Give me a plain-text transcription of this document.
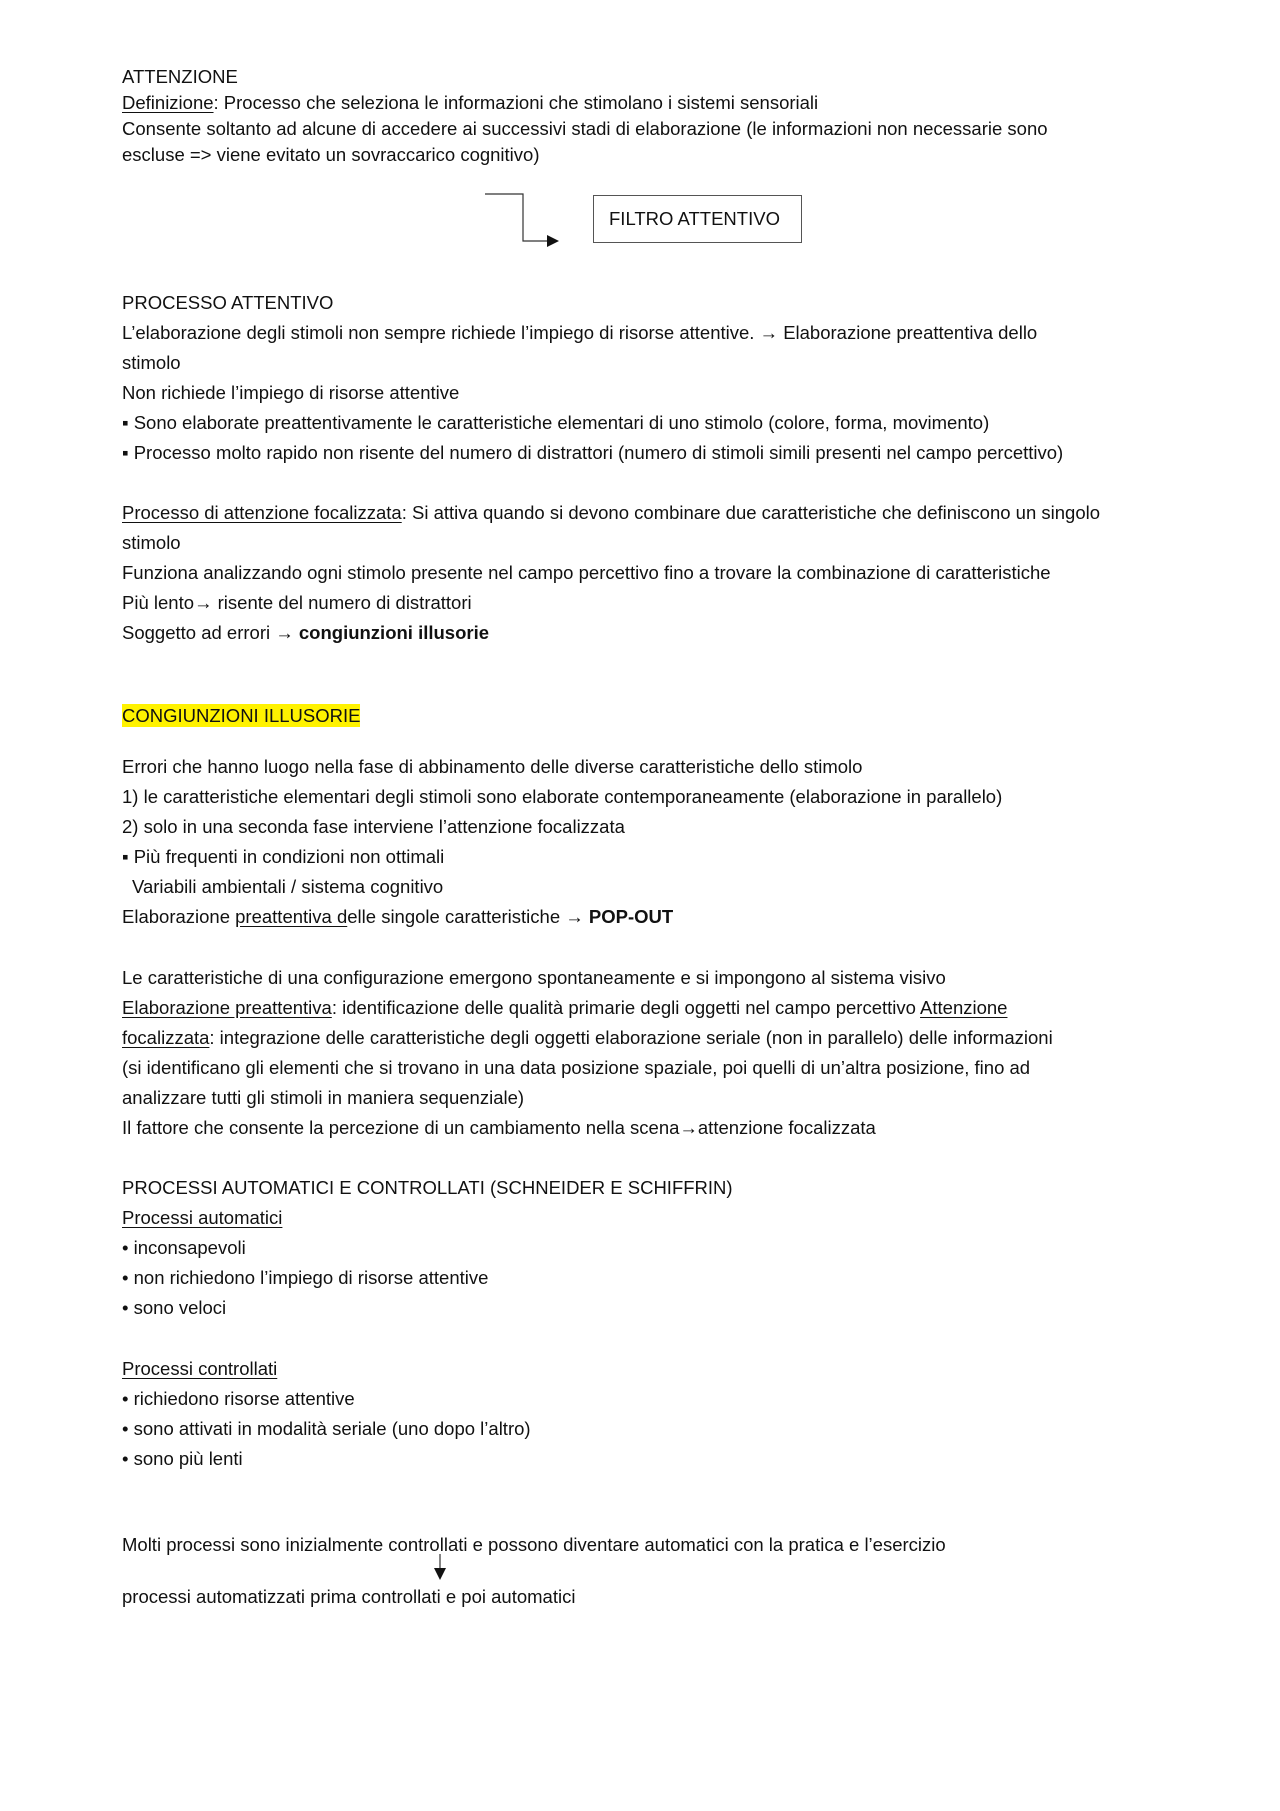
ATTENZIONE
Definizione: Processo che seleziona le informazioni che stimolano i sistemi sensoriali
Consente soltanto ad alcune di accedere ai successivi stadi di elaborazione (le informazioni non necessarie sono
escluse => viene evitato un sovraccarico cognitivo)
PROCESSO ATTENTIVO
L’elaborazione degli stimoli non sempre richiede l’impiego di risorse attentive. → Elaborazione preattentiva dello
stimolo
Non richiede l’impiego di risorse attentive
▪ Sono elaborate preattentivamente le caratteristiche elementari di uno stimolo (colore, forma, movimento)
▪ Processo molto rapido non risente del numero di distrattori (numero di stimoli simili presenti nel campo percettivo)
Processo di attenzione focalizzata: Si attiva quando si devono combinare due caratteristiche che definiscono un singolo
stimolo
Funziona analizzando ogni stimolo presente nel campo percettivo fino a trovare la combinazione di caratteristiche
Più lento→ risente del numero di distrattori
Soggetto ad errori → congiunzioni illusorie
CONGIUNZIONI ILLUSORIE
Errori che hanno luogo nella fase di abbinamento delle diverse caratteristiche dello stimolo
1) le caratteristiche elementari degli stimoli sono elaborate contemporaneamente (elaborazione in parallelo)
2) solo in una seconda fase interviene l’attenzione focalizzata
▪ Più frequenti in condizioni non ottimali
Variabili ambientali / sistema cognitivo
Elaborazione preattentiva delle singole caratteristiche → POP-OUT
Le caratteristiche di una configurazione emergono spontaneamente e si impongono al sistema visivo
Elaborazione preattentiva: identificazione delle qualità primarie degli oggetti nel campo percettivo Attenzione
focalizzata: integrazione delle caratteristiche degli oggetti elaborazione seriale (non in parallelo) delle informazioni
(si identificano gli elementi che si trovano in una data posizione spaziale, poi quelli di un’altra posizione, fino ad
analizzare tutti gli stimoli in maniera sequenziale)
Il fattore che consente la percezione di un cambiamento nella scena→attenzione focalizzata
PROCESSI AUTOMATICI E CONTROLLATI (SCHNEIDER E SCHIFFRIN)
Processi automatici
• inconsapevoli
• non richiedono l’impiego di risorse attentive
• sono veloci
Processi controllati
• richiedono risorse attentive
• sono attivati in modalità seriale (uno dopo l’altro)
• sono più lenti
Molti processi sono inizialmente controllati e possono diventare automatici con la pratica e l’esercizio
processi automatizzati prima controllati e poi automatici
FILTRO ATTENTIVO
